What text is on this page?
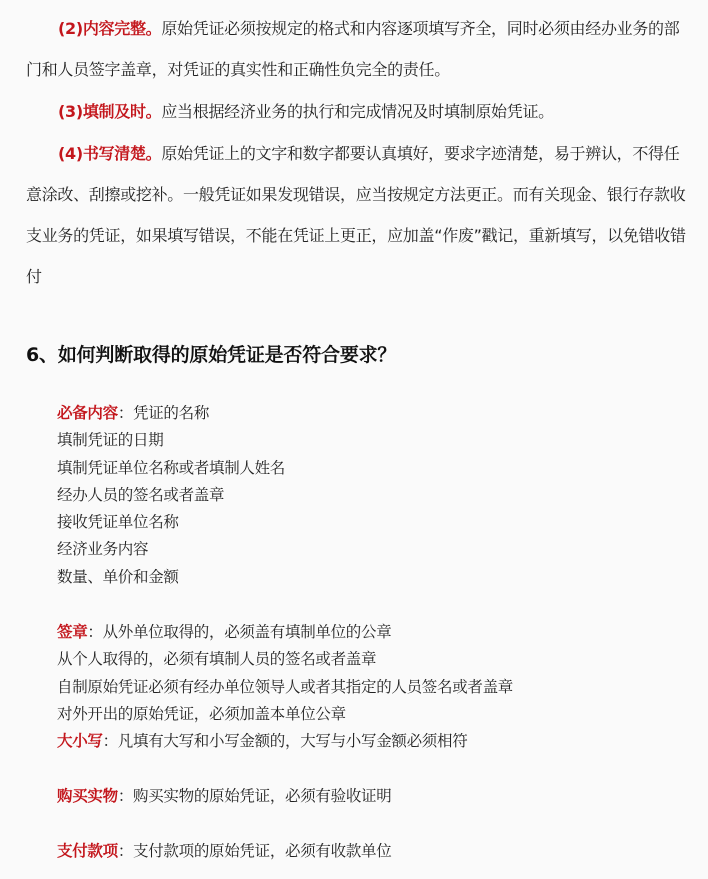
(2)内容完整。原始凭证必须按规定的格式和内容逐项填写齐全，同时必须由经办业务的部门和人员签字盖章，对凭证的真实性和正确性负完全的责任。
(3)填制及时。应当根据经济业务的执行和完成情况及时填制原始凭证。
(4)书写清楚。原始凭证上的文字和数字都要认真填好，要求字迹清楚，易于辨认，不得任意涂改、刮擦或挖补。一般凭证如果发现错误，应当按规定方法更正。而有关现金、银行存款收支业务的凭证，如果填写错误，不能在凭证上更正，应加盖“作废”戳记，重新填写，以免错收错付
6、如何判断取得的原始凭证是否符合要求？
必备内容：凭证的名称
填制凭证的日期
填制凭证单位名称或者填制人姓名
经办人员的签名或者盖章
接收凭证单位名称
经济业务内容
数量、单价和金额
签章：从外单位取得的，必须盖有填制单位的公章
从个人取得的，必须有填制人员的签名或者盖章
自制原始凭证必须有经办单位领导人或者其指定的人员签名或者盖章
对外开出的原始凭证，必须加盖本单位公章
大小写：凡填有大写和小写金额的，大写与小写金额必须相符
购买实物：购买实物的原始凭证，必须有验收证明
支付款项：支付款项的原始凭证，必须有收款单位
